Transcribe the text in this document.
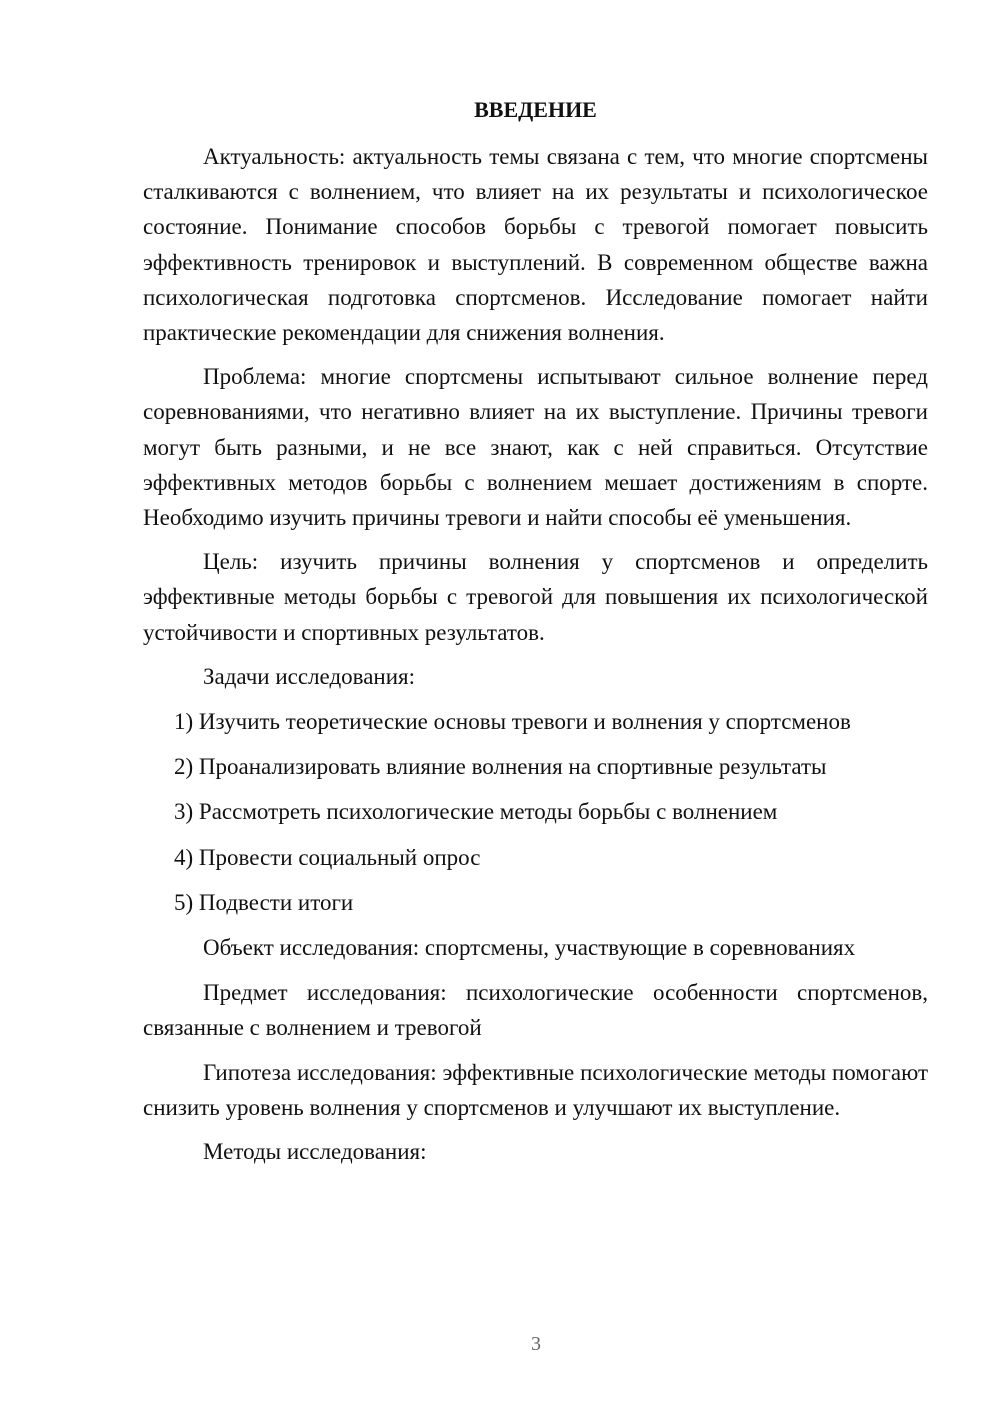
ВВЕДЕНИЕ

Актуальность: актуальность темы связана с тем, что многие спортсмены сталкиваются с волнением, что влияет на их результаты и психологическое состояние. Понимание способов борьбы с тревогой помогает повысить эффективность тренировок и выступлений. В современном обществе важна психологическая подготовка спортсменов. Исследование помогает найти практические рекомендации для снижения волнения.

Проблема: многие спортсмены испытывают сильное волнение перед соревнованиями, что негативно влияет на их выступление. Причины тревоги могут быть разными, и не все знают, как с ней справиться. Отсутствие эффективных методов борьбы с волнением мешает достижениям в спорте. Необходимо изучить причины тревоги и найти способы её уменьшения.

Цель: изучить причины волнения у спортсменов и определить эффективные методы борьбы с тревогой для повышения их психологической устойчивости и спортивных результатов.

Задачи исследования:

1) Изучить теоретические основы тревоги и волнения у спортсменов
2) Проанализировать влияние волнения на спортивные результаты
3) Рассмотреть психологические методы борьбы с волнением
4) Провести социальный опрос
5) Подвести итоги

Объект исследования: спортсмены, участвующие в соревнованиях

Предмет исследования: психологические особенности спортсменов, связанные с волнением и тревогой

Гипотеза исследования: эффективные психологические методы помогают снизить уровень волнения у спортсменов и улучшают их выступление.

Методы исследования:

3
